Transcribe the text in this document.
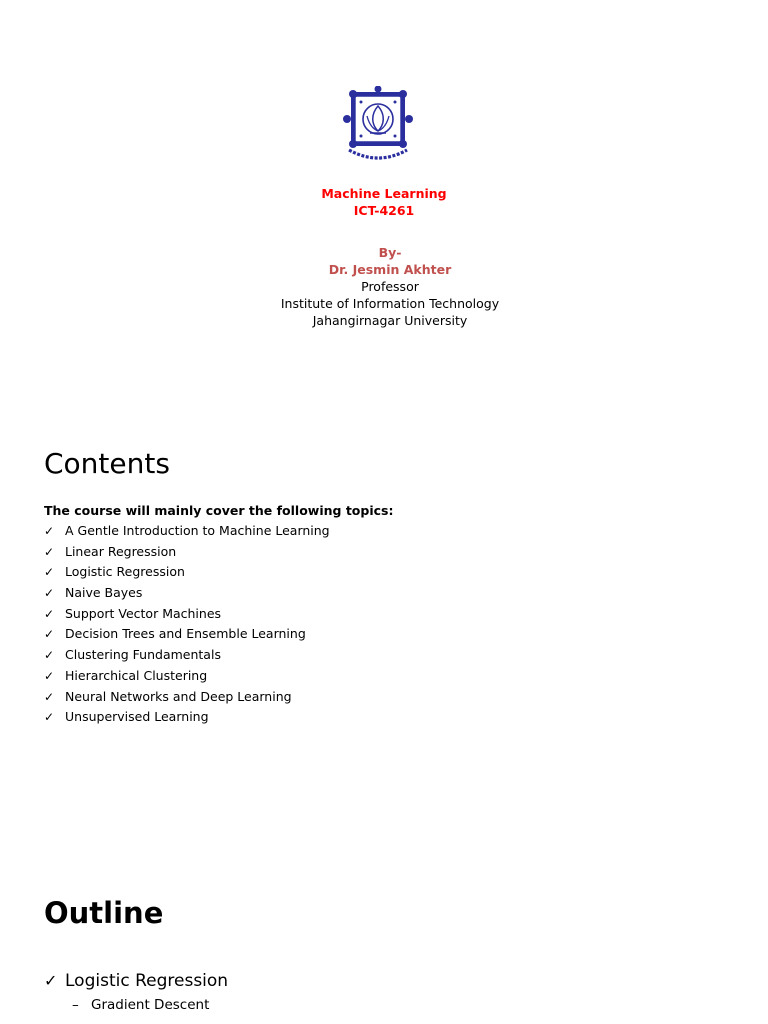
Machine Learning
ICT-4261
By-
Dr. Jesmin Akhter
Professor
Institute of Information Technology
Jahangirnagar University
Contents
The course will mainly cover the following topics:
✓ A Gentle Introduction to Machine Learning
✓ Linear Regression
✓ Logistic Regression
✓ Naive Bayes
✓ Support Vector Machines
✓ Decision Trees and Ensemble Learning
✓ Clustering Fundamentals
✓ Hierarchical Clustering
✓ Neural Networks and Deep Learning
✓ Unsupervised Learning
Outline
✓ Logistic Regression
– Gradient Descent
